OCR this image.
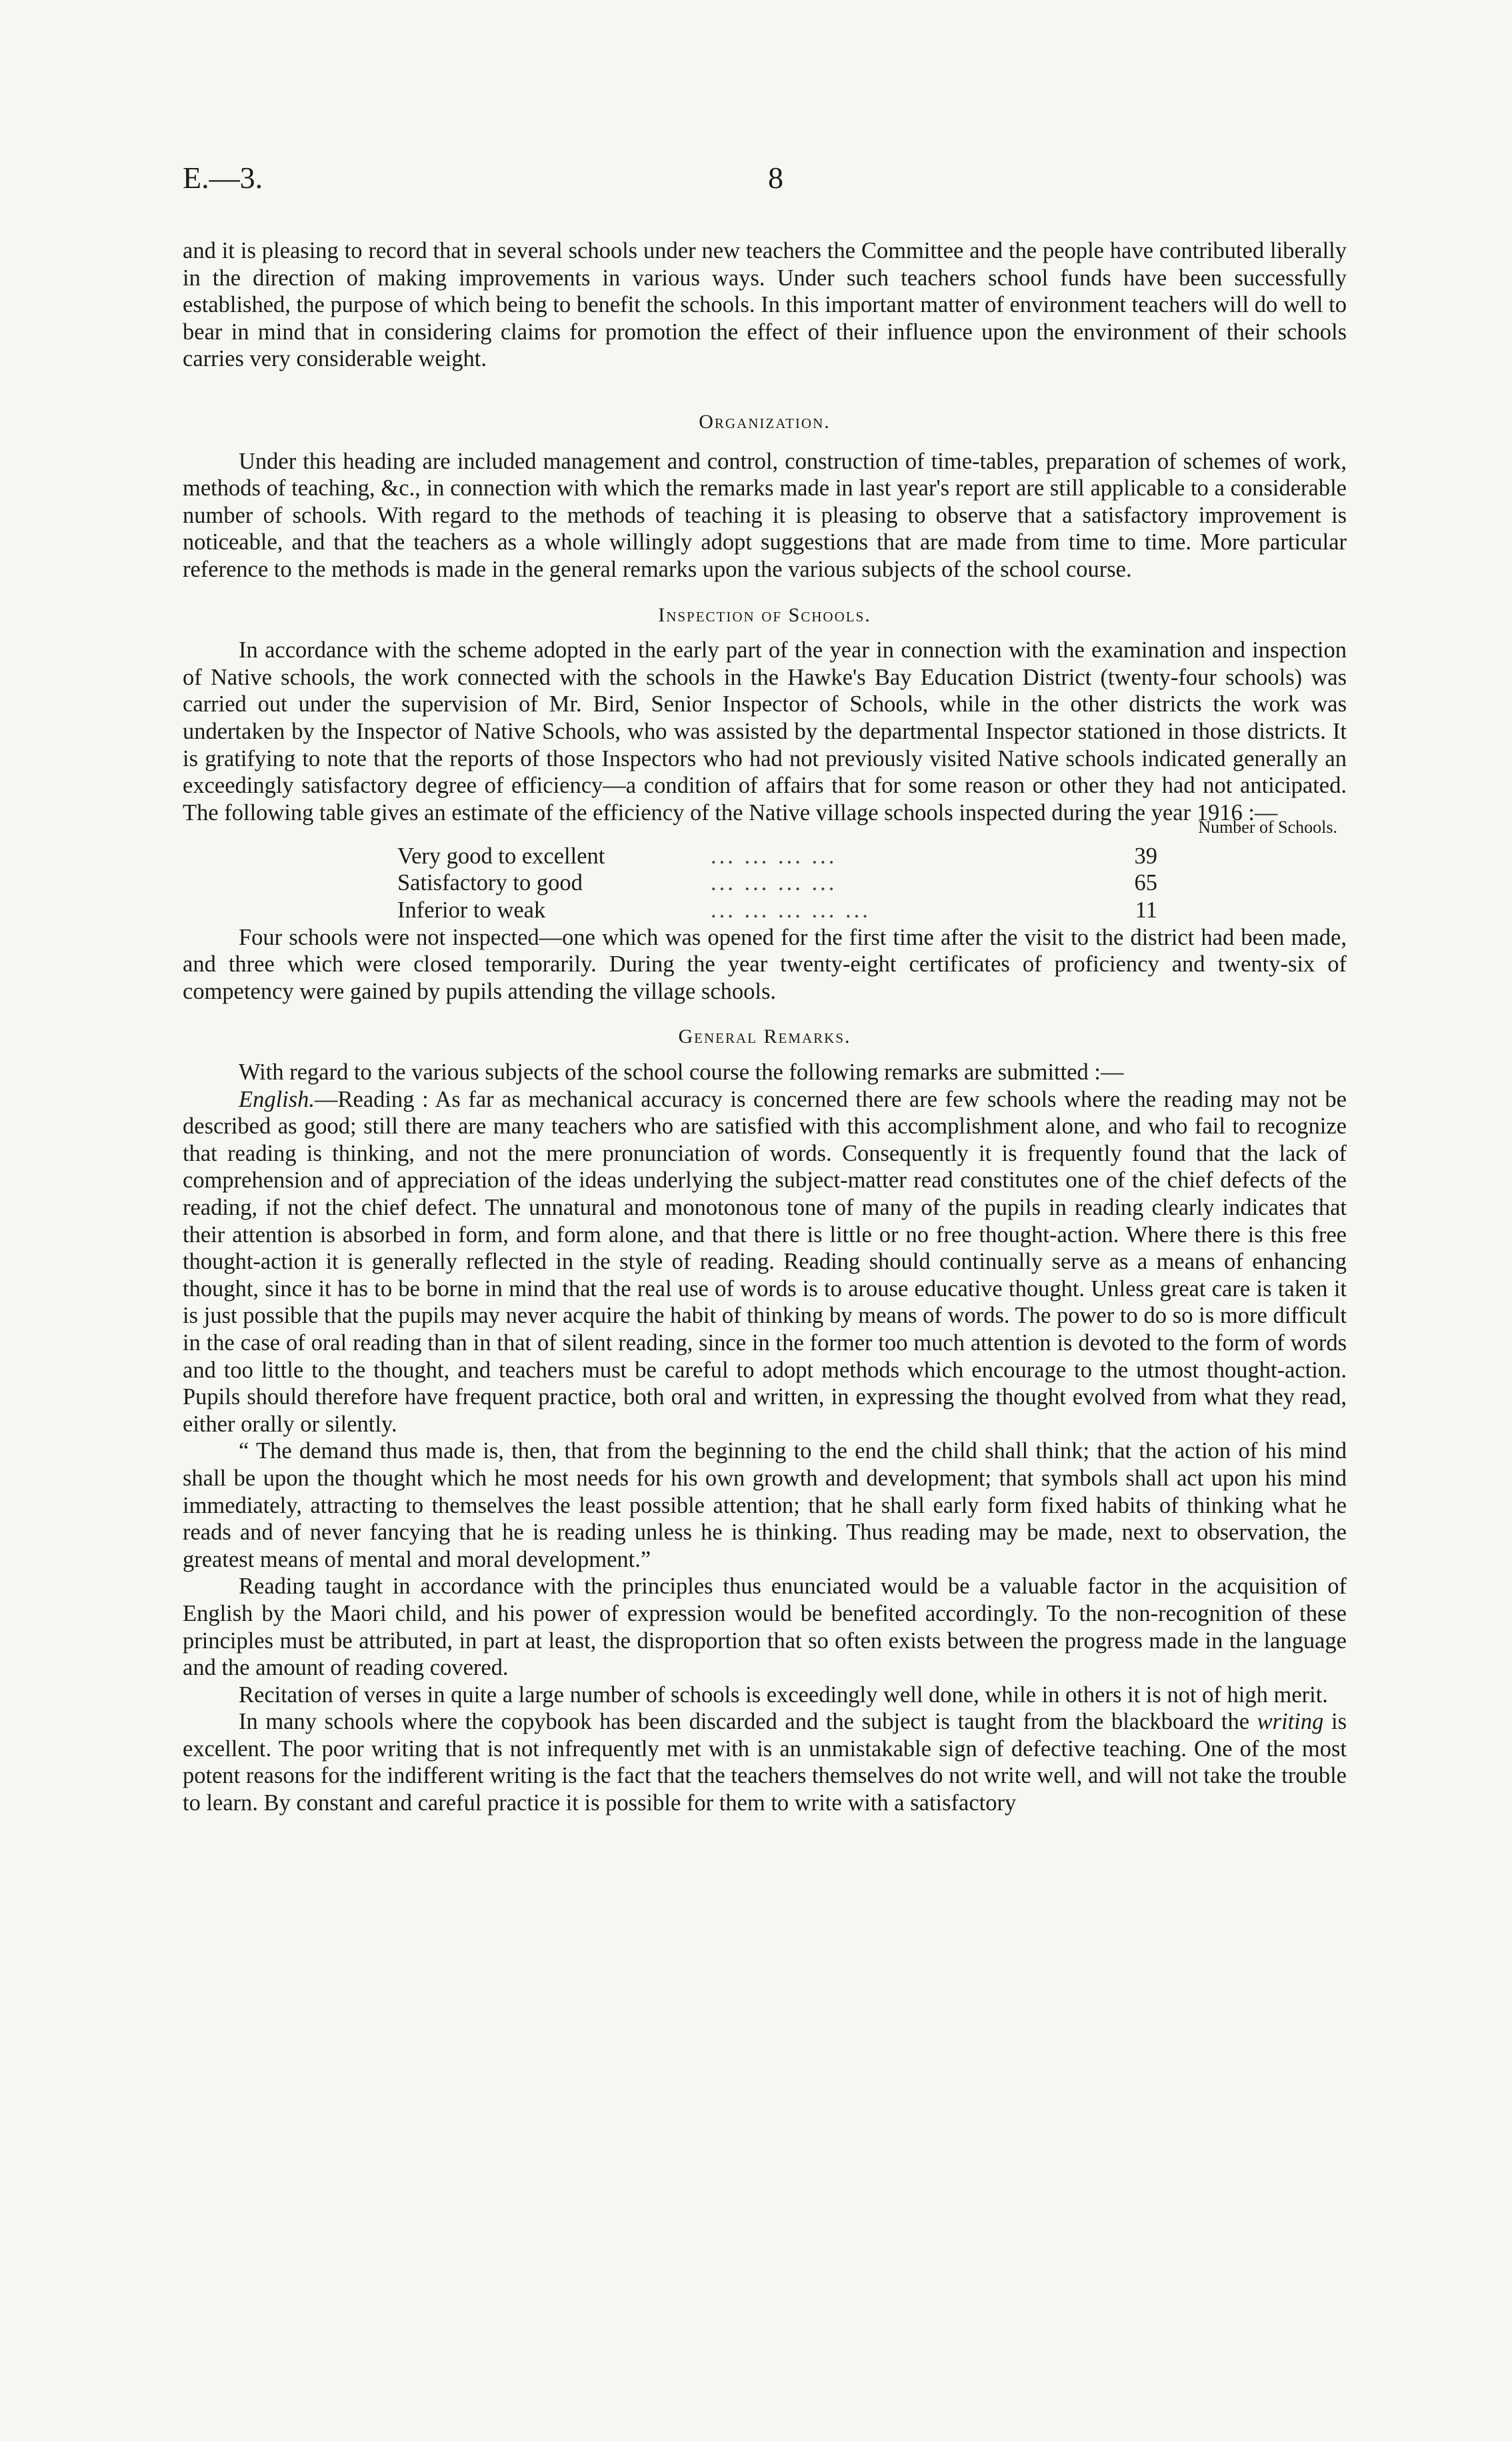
E.—3.	8

and it is pleasing to record that in several schools under new teachers the Committee and the people have contributed liberally in the direction of making improvements in various ways. Under such teachers school funds have been successfully established, the purpose of which being to benefit the schools. In this important matter of environment teachers will do well to bear in mind that in considering claims for promotion the effect of their influence upon the environment of their schools carries very considerable weight.

Organization.

Under this heading are included management and control, construction of time-tables, preparation of schemes of work, methods of teaching, &c., in connection with which the remarks made in last year's report are still applicable to a considerable number of schools. With regard to the methods of teaching it is pleasing to observe that a satisfactory improvement is noticeable, and that the teachers as a whole willingly adopt suggestions that are made from time to time. More particular reference to the methods is made in the general remarks upon the various subjects of the school course.

Inspection of Schools.

In accordance with the scheme adopted in the early part of the year in connection with the examination and inspection of Native schools, the work connected with the schools in the Hawke's Bay Education District (twenty-four schools) was carried out under the supervision of Mr. Bird, Senior Inspector of Schools, while in the other districts the work was undertaken by the Inspector of Native Schools, who was assisted by the departmental Inspector stationed in those districts. It is gratifying to note that the reports of those Inspectors who had not previously visited Native schools indicated generally an exceedingly satisfactory degree of efficiency—a condition of affairs that for some reason or other they had not anticipated. The following table gives an estimate of the efficiency of the Native village schools inspected during the year 1916 :—

Number of Schools.
Very good to excellent	... ... ... ...	39
Satisfactory to good	... ... ... ...	65
Inferior to weak	... ... ... ... ...	11

Four schools were not inspected—one which was opened for the first time after the visit to the district had been made, and three which were closed temporarily. During the year twenty-eight certificates of proficiency and twenty-six of competency were gained by pupils attending the village schools.

General Remarks.

With regard to the various subjects of the school course the following remarks are submitted :—

English.—Reading : As far as mechanical accuracy is concerned there are few schools where the reading may not be described as good; still there are many teachers who are satisfied with this accomplishment alone, and who fail to recognize that reading is thinking, and not the mere pronunciation of words. Consequently it is frequently found that the lack of comprehension and of appreciation of the ideas underlying the subject-matter read constitutes one of the chief defects of the reading, if not the chief defect. The unnatural and monotonous tone of many of the pupils in reading clearly indicates that their attention is absorbed in form, and form alone, and that there is little or no free thought-action. Where there is this free thought-action it is generally reflected in the style of reading. Reading should continually serve as a means of enhancing thought, since it has to be borne in mind that the real use of words is to arouse educative thought. Unless great care is taken it is just possible that the pupils may never acquire the habit of thinking by means of words. The power to do so is more difficult in the case of oral reading than in that of silent reading, since in the former too much attention is devoted to the form of words and too little to the thought, and teachers must be careful to adopt methods which encourage to the utmost thought-action. Pupils should therefore have frequent practice, both oral and written, in expressing the thought evolved from what they read, either orally or silently.

“ The demand thus made is, then, that from the beginning to the end the child shall think; that the action of his mind shall be upon the thought which he most needs for his own growth and development; that symbols shall act upon his mind immediately, attracting to themselves the least possible attention; that he shall early form fixed habits of thinking what he reads and of never fancying that he is reading unless he is thinking. Thus reading may be made, next to observation, the greatest means of mental and moral development.”

Reading taught in accordance with the principles thus enunciated would be a valuable factor in the acquisition of English by the Maori child, and his power of expression would be benefited accordingly. To the non-recognition of these principles must be attributed, in part at least, the disproportion that so often exists between the progress made in the language and the amount of reading covered.

Recitation of verses in quite a large number of schools is exceedingly well done, while in others it is not of high merit.

In many schools where the copybook has been discarded and the subject is taught from the blackboard the writing is excellent. The poor writing that is not infrequently met with is an unmistakable sign of defective teaching. One of the most potent reasons for the indifferent writing is the fact that the teachers themselves do not write well, and will not take the trouble to learn. By constant and careful practice it is possible for them to write with a satisfactory
